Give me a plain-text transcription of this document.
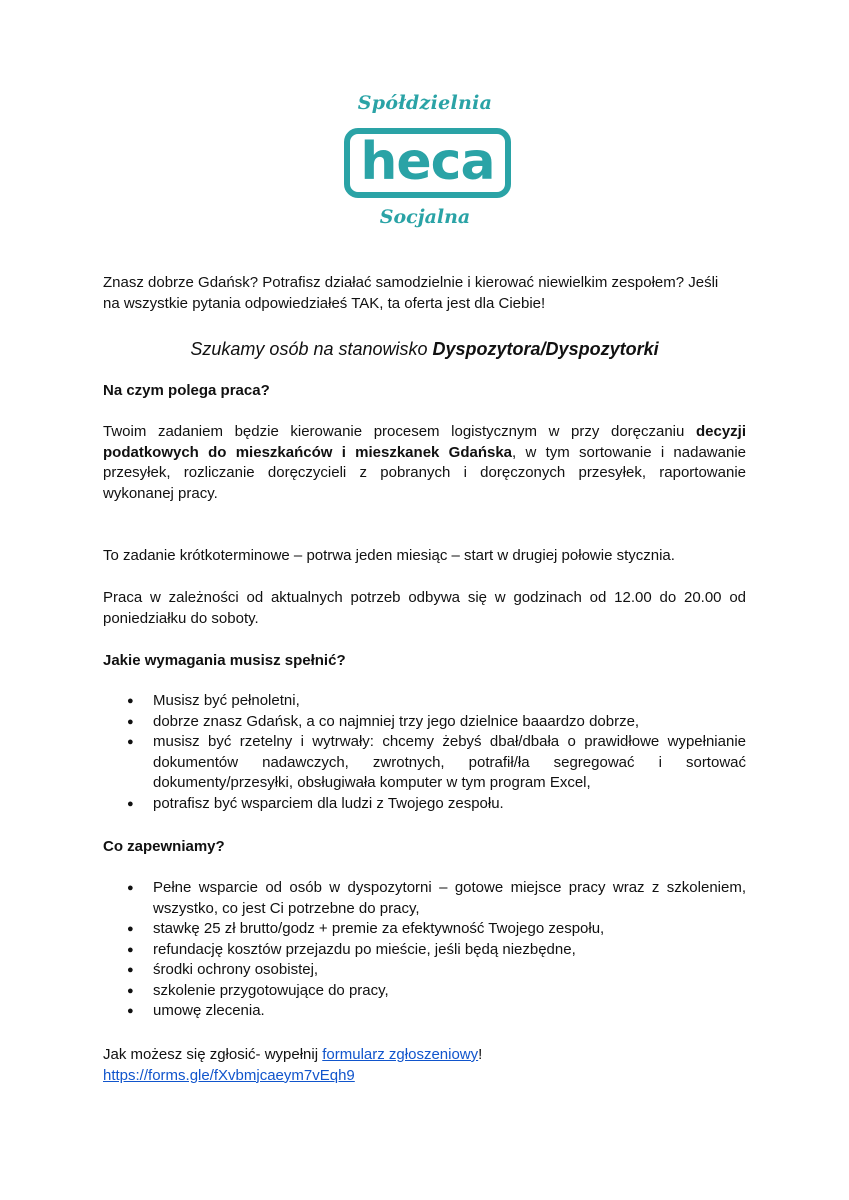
Spółdzielnia
heca
Socjalna
Znasz dobrze Gdańsk? Potrafisz działać samodzielnie i kierować niewielkim zespołem? Jeśli
na wszystkie pytania odpowiedziałeś TAK, ta oferta jest dla Ciebie!
Szukamy osób na stanowisko Dyspozytora/Dyspozytorki
Na czym polega praca?
Twoim zadaniem będzie kierowanie procesem logistycznym w przy doręczaniu decyzji podatkowych do mieszkańców i mieszkanek Gdańska, w tym sortowanie i nadawanie przesyłek, rozliczanie doręczycieli z pobranych i doręczonych przesyłek, raportowanie wykonanej pracy.
To zadanie krótkoterminowe – potrwa jeden miesiąc – start w drugiej połowie stycznia.
Praca w zależności od aktualnych potrzeb odbywa się w godzinach od 12.00 do 20.00 od poniedziałku do soboty.
Jakie wymagania musisz spełnić?
● Musisz być pełnoletni,
● dobrze znasz Gdańsk, a co najmniej trzy jego dzielnice baaardzo dobrze,
● musisz być rzetelny i wytrwały: chcemy żebyś dbał/dbała o prawidłowe wypełnianie dokumentów nadawczych, zwrotnych, potrafił/ła segregować i sortować dokumenty/przesyłki, obsługiwała komputer w tym program Excel,
● potrafisz być wsparciem dla ludzi z Twojego zespołu.
Co zapewniamy?
● Pełne wsparcie od osób w dyspozytorni – gotowe miejsce pracy wraz z szkoleniem, wszystko, co jest Ci potrzebne do pracy,
● stawkę 25 zł brutto/godz + premie za efektywność Twojego zespołu,
● refundację kosztów przejazdu po mieście, jeśli będą niezbędne,
● środki ochrony osobistej,
● szkolenie przygotowujące do pracy,
● umowę zlecenia.
Jak możesz się zgłosić- wypełnij formularz zgłoszeniowy!
https://forms.gle/fXvbmjcaeym7vEqh9
